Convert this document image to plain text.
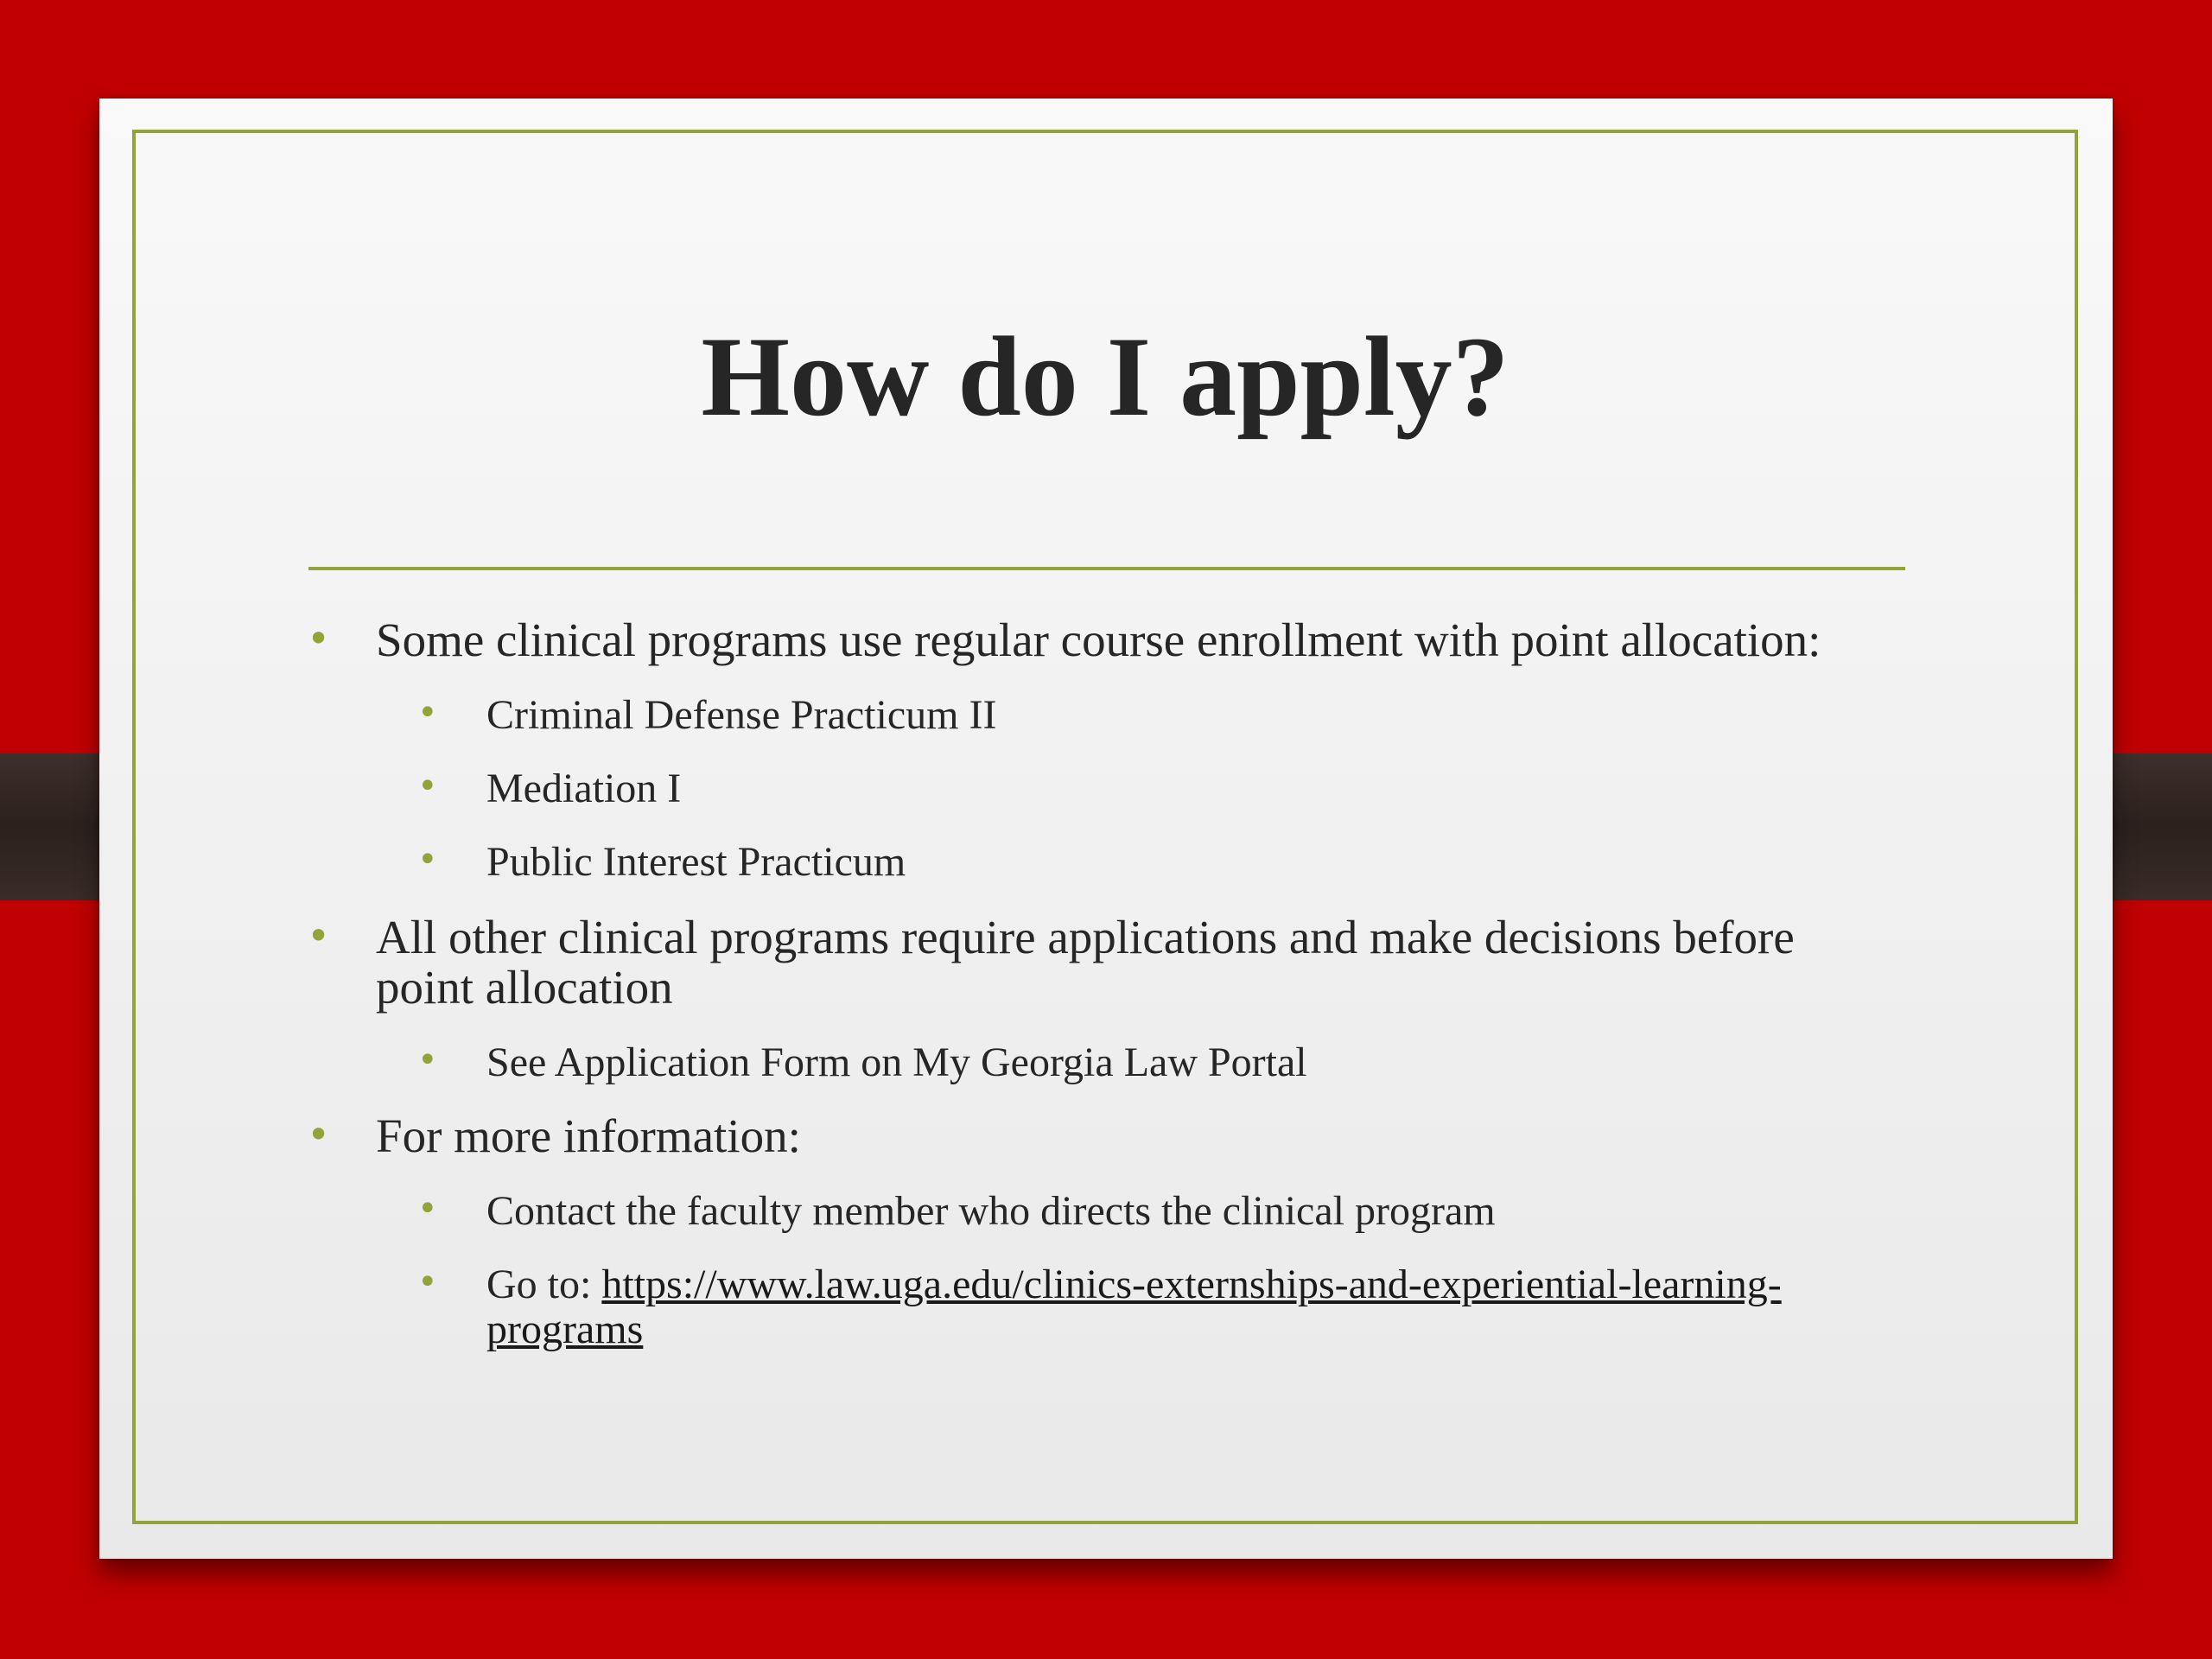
How do I apply?
• Some clinical programs use regular course enrollment with point allocation:
• Criminal Defense Practicum II
• Mediation I
• Public Interest Practicum
• All other clinical programs require applications and make decisions before
point allocation
• See Application Form on My Georgia Law Portal
• For more information:
• Contact the faculty member who directs the clinical program
• Go to: https://www.law.uga.edu/clinics-externships-and-experiential-learning-
programs
